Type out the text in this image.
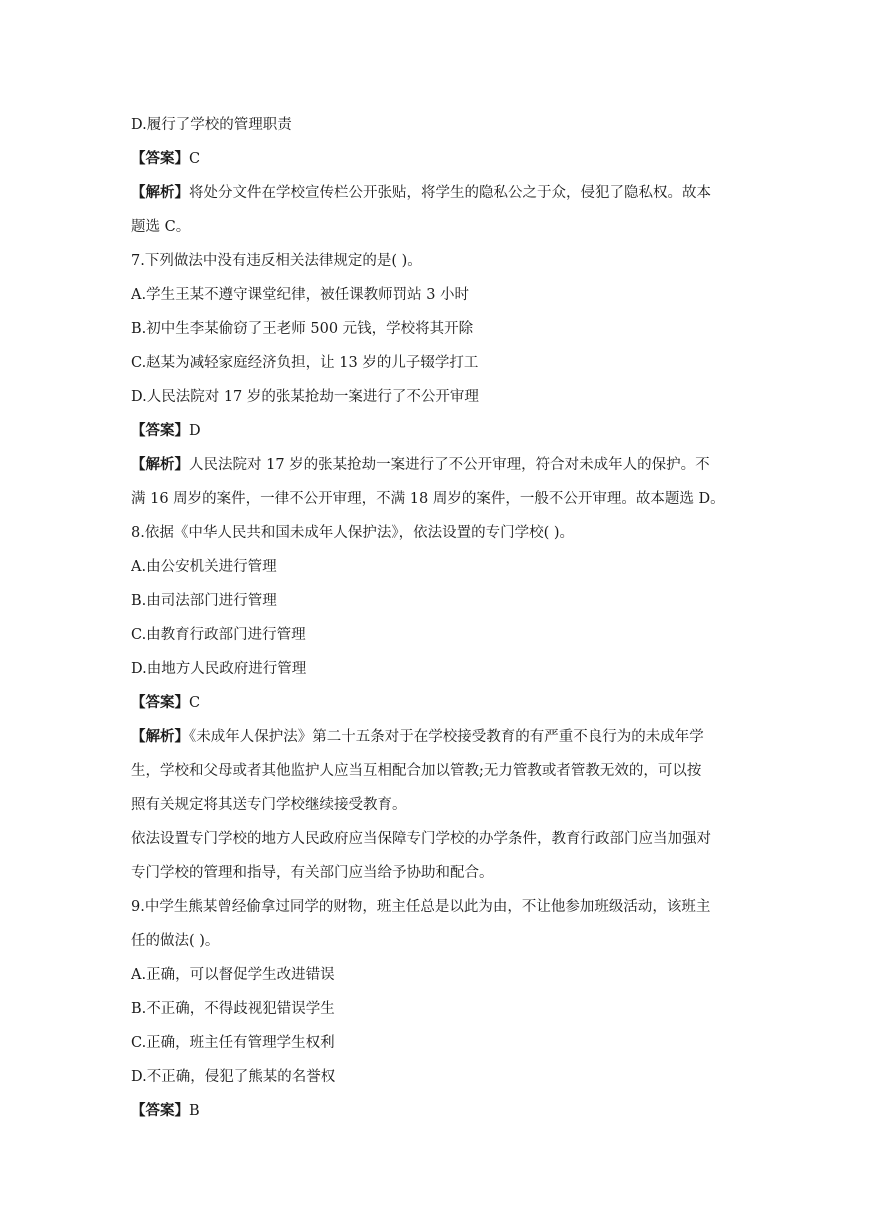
D.履行了学校的管理职责
【答案】C
【解析】将处分文件在学校宣传栏公开张贴，将学生的隐私公之于众，侵犯了隐私权。故本
题选 C。
7.下列做法中没有违反相关法律规定的是( )。
A.学生王某不遵守课堂纪律，被任课教师罚站 3 小时
B.初中生李某偷窃了王老师 500 元钱，学校将其开除
C.赵某为减轻家庭经济负担，让 13 岁的儿子辍学打工
D.人民法院对 17 岁的张某抢劫一案进行了不公开审理
【答案】D
【解析】人民法院对 17 岁的张某抢劫一案进行了不公开审理，符合对未成年人的保护。不
满 16 周岁的案件，一律不公开审理，不满 18 周岁的案件，一般不公开审理。故本题选 D。
8.依据《中华人民共和国未成年人保护法》，依法设置的专门学校( )。
A.由公安机关进行管理
B.由司法部门进行管理
C.由教育行政部门进行管理
D.由地方人民政府进行管理
【答案】C
【解析】《未成年人保护法》第二十五条对于在学校接受教育的有严重不良行为的未成年学
生，学校和父母或者其他监护人应当互相配合加以管教;无力管教或者管教无效的，可以按
照有关规定将其送专门学校继续接受教育。
依法设置专门学校的地方人民政府应当保障专门学校的办学条件，教育行政部门应当加强对
专门学校的管理和指导，有关部门应当给予协助和配合。
9.中学生熊某曾经偷拿过同学的财物，班主任总是以此为由，不让他参加班级活动，该班主
任的做法( )。
A.正确，可以督促学生改进错误
B.不正确，不得歧视犯错误学生
C.正确，班主任有管理学生权利
D.不正确，侵犯了熊某的名誉权
【答案】B
